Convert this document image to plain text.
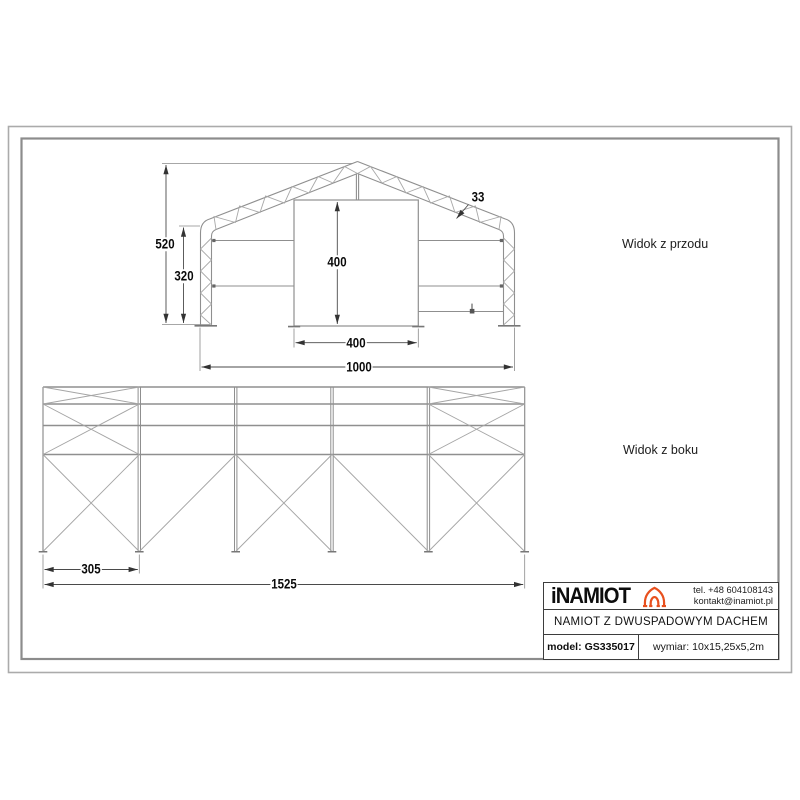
520
320
400
400
1000
33
305
1525
Widok z przodu
Widok z boku
iNAMIOT	tel. +48 604108143
kontakt@inamiot.pl
NAMIOT Z DWUSPADOWYM DACHEM
model: GS335017 wymiar: 10x15,25x5,2m
